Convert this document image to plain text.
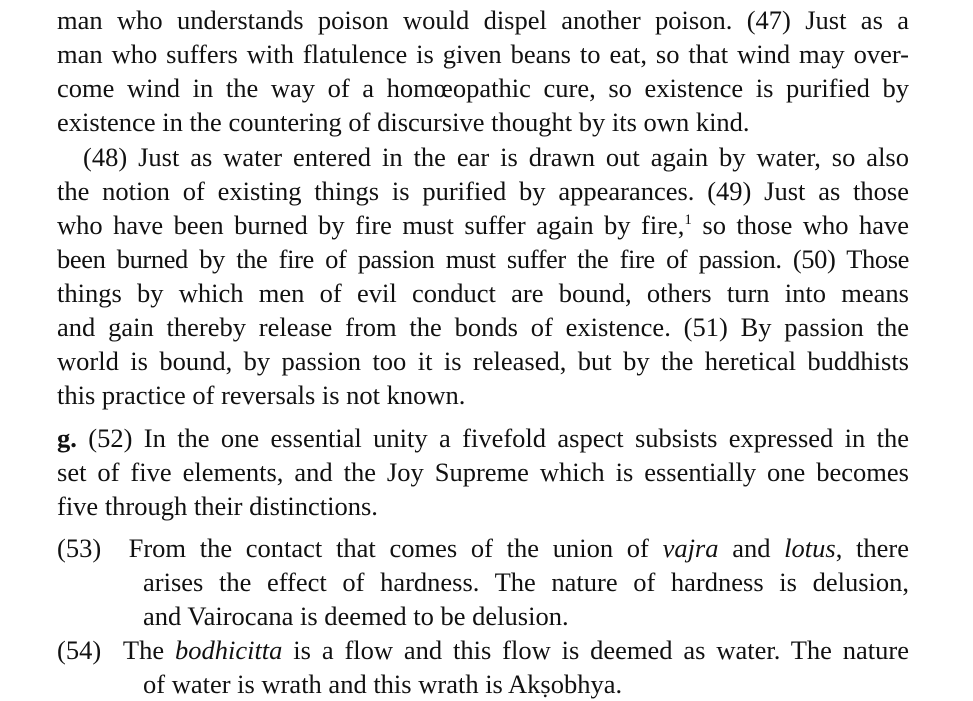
man who understands poison would dispel another poison. (47) Just as a
man who suffers with flatulence is given beans to eat, so that wind may over-
come wind in the way of a homœopathic cure, so existence is purified by
existence in the countering of discursive thought by its own kind.
(48) Just as water entered in the ear is drawn out again by water, so also
the notion of existing things is purified by appearances. (49) Just as those
who have been burned by fire must suffer again by fire,$^1$ so those who have
been burned by the fire of passion must suffer the fire of passion. (50) Those
things by which men of evil conduct are bound, others turn into means
and gain thereby release from the bonds of existence. (51) By passion the
world is bound, by passion too it is released, but by the heretical buddhists
this practice of reversals is not known.
g. (52) In the one essential unity a fivefold aspect subsists expressed in the
set of five elements, and the Joy Supreme which is essentially one becomes
five through their distinctions.
(53) From the contact that comes of the union of vajra and lotus, there
arises the effect of hardness. The nature of hardness is delusion,
and Vairocana is deemed to be delusion.
(54) The bodhicitta is a flow and this flow is deemed as water. The nature
of water is wrath and this wrath is Akṣobhya.
